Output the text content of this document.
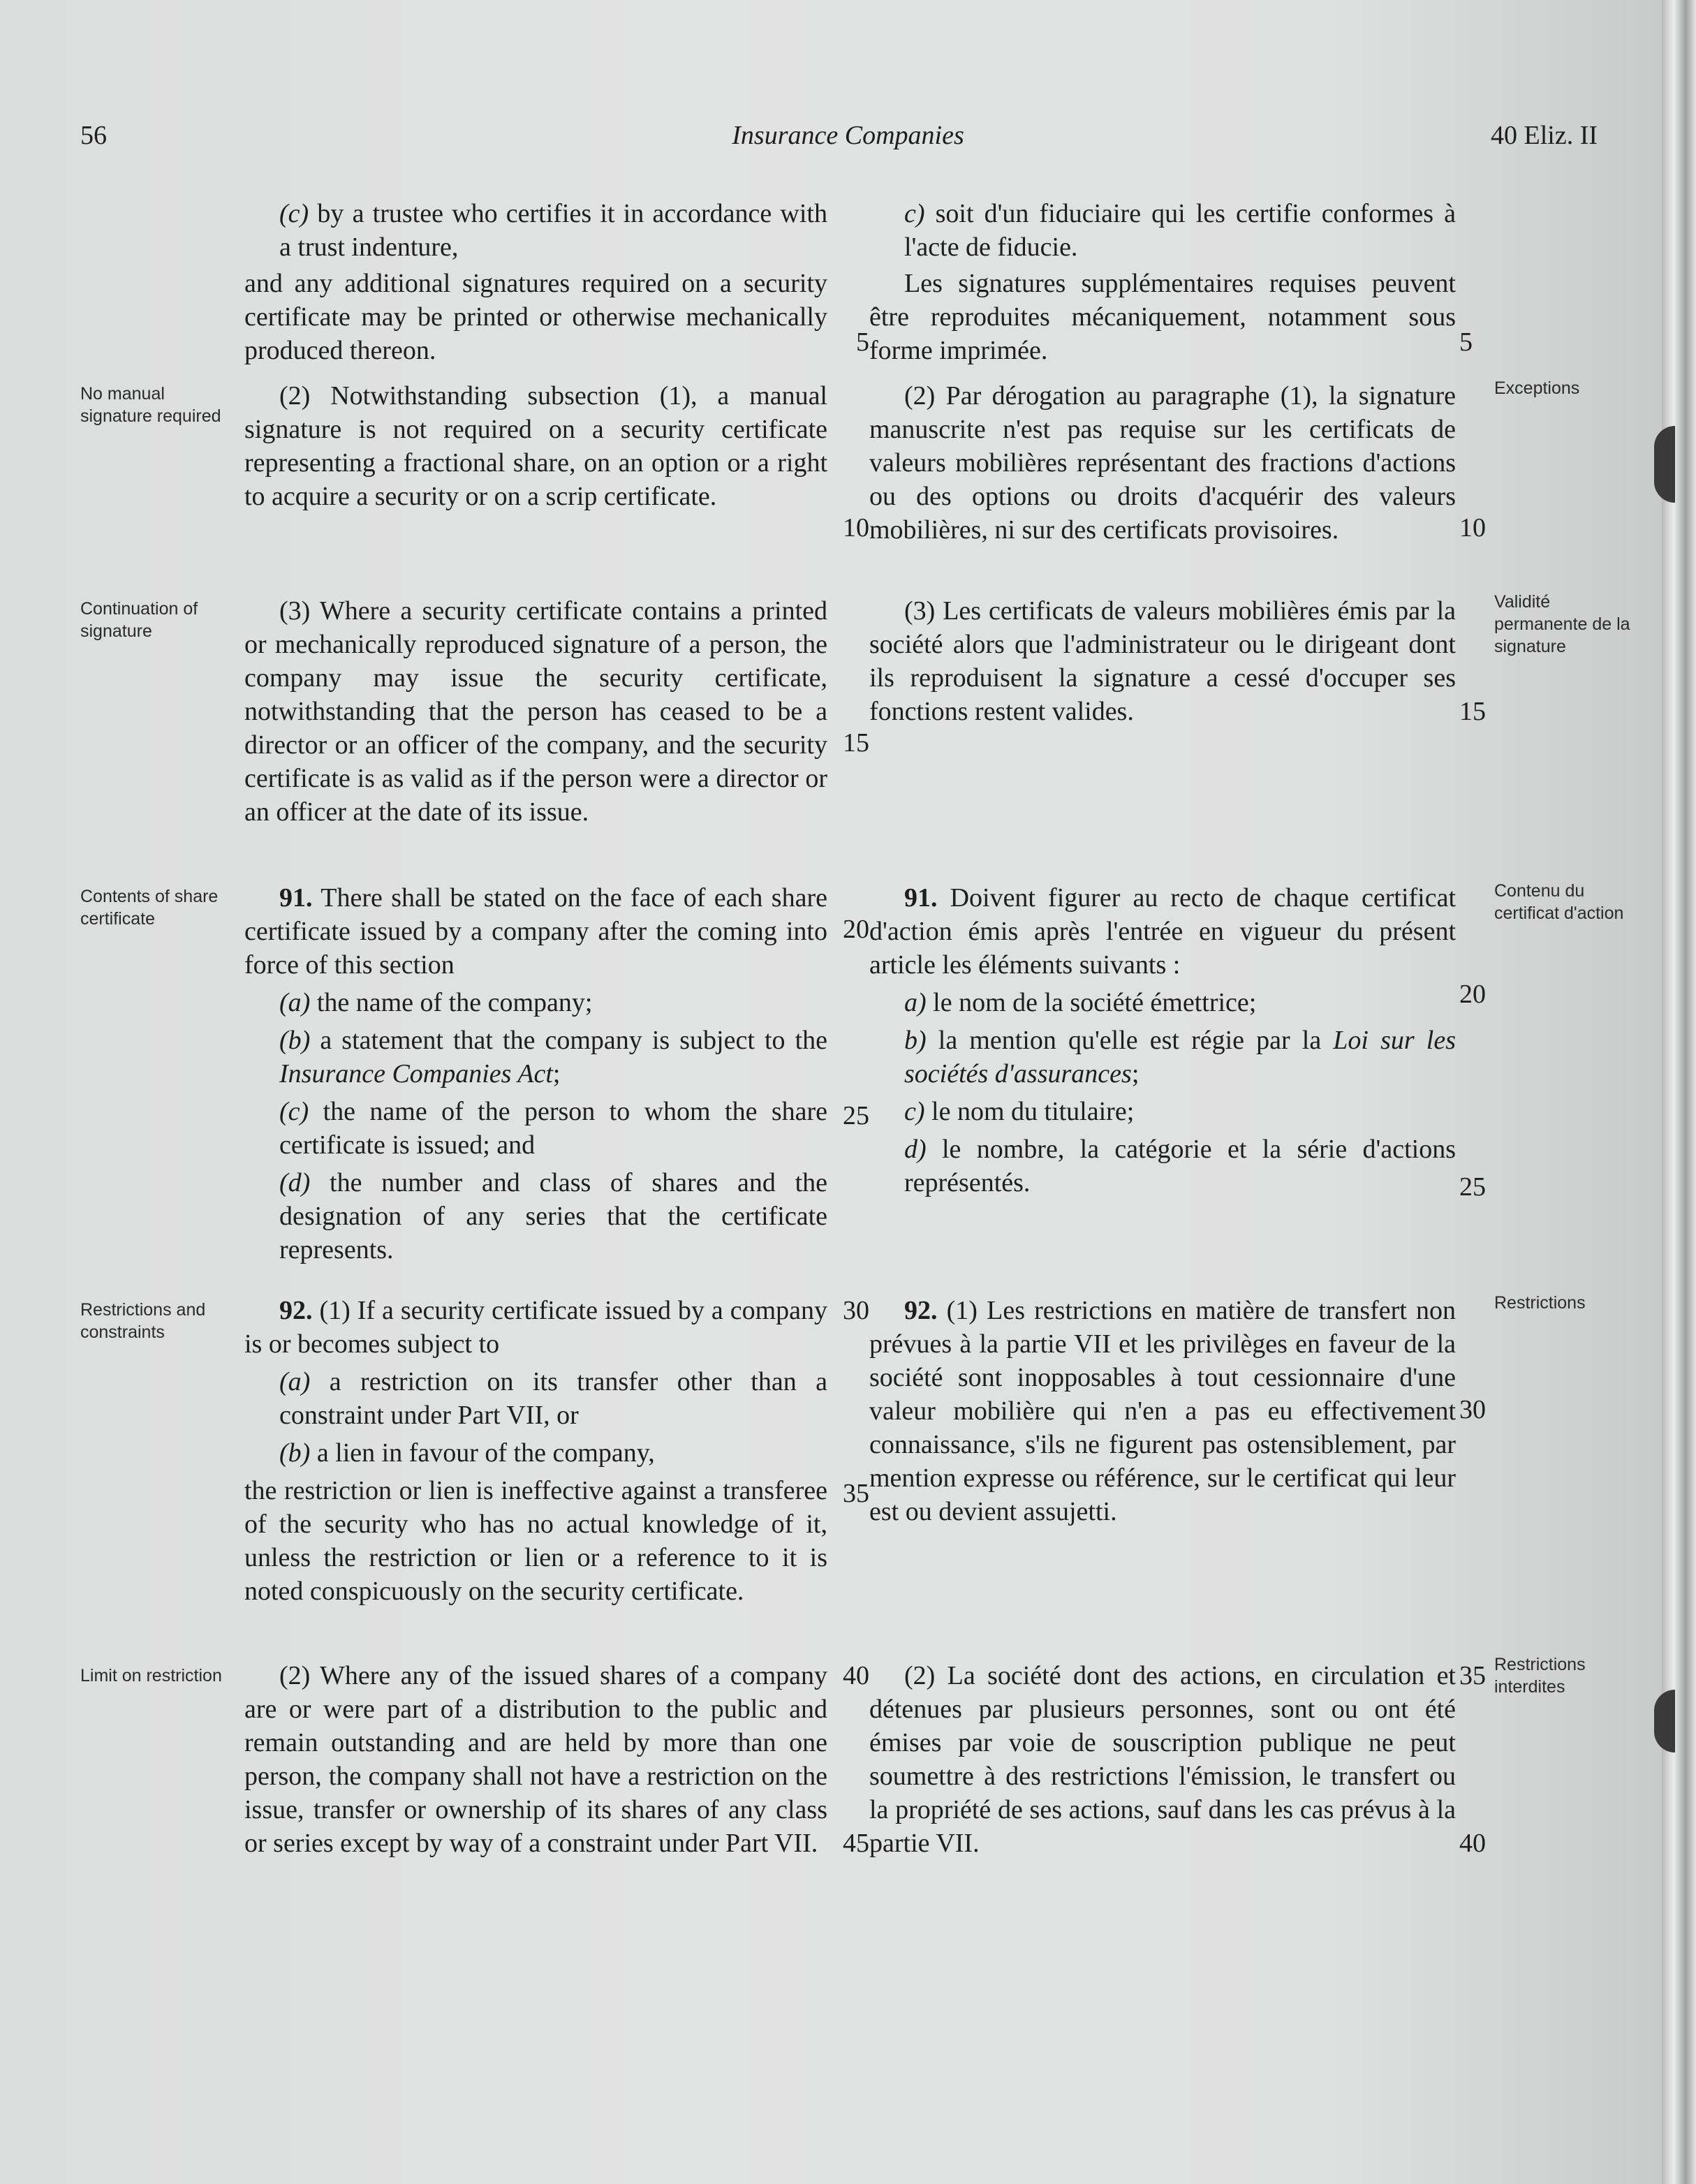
56	Insurance Companies	40 Eliz. II
No manual signature required
Continuation of signature
Contents of share certificate
Restrictions and constraints
Limit on restriction
Exceptions
Validité permanente de la signature
Contenu du certificat d'action
Restrictions
Restrictions interdites

(c) by a trustee who certifies it in accordance with a trust indenture,

and any additional signatures required on a security certificate may be printed or otherwise mechanically produced thereon.

(2) Notwithstanding subsection (1), a manual signature is not required on a security certificate representing a fractional share, on an option or a right to acquire a security or on a scrip certificate.

(3) Where a security certificate contains a printed or mechanically reproduced signature of a person, the company may issue the security certificate, notwithstanding that the person has ceased to be a director or an officer of the company, and the security certificate is as valid as if the person were a director or an officer at the date of its issue.

91. There shall be stated on the face of each share certificate issued by a company after the coming into force of this section

(a) the name of the company;

(b) a statement that the company is subject to the Insurance Companies Act;

(c) the name of the person to whom the share certificate is issued; and

(d) the number and class of shares and the designation of any series that the certificate represents.

92. (1) If a security certificate issued by a company is or becomes subject to

(a) a restriction on its transfer other than a constraint under Part VII, or

(b) a lien in favour of the company,

the restriction or lien is ineffective against a transferee of the security who has no actual knowledge of it, unless the restriction or lien or a reference to it is noted conspicuously on the security certificate.

(2) Where any of the issued shares of a company are or were part of a distribution to the public and remain outstanding and are held by more than one person, the company shall not have a restriction on the issue, transfer or ownership of its shares of any class or series except by way of a constraint under Part VII.

c) soit d'un fiduciaire qui les certifie conformes à l'acte de fiducie.

Les signatures supplémentaires requises peuvent être reproduites mécaniquement, notamment sous forme imprimée.

(2) Par dérogation au paragraphe (1), la signature manuscrite n'est pas requise sur les certificats de valeurs mobilières représentant des fractions d'actions ou des options ou droits d'acquérir des valeurs mobilières, ni sur des certificats provisoires.

(3) Les certificats de valeurs mobilières émis par la société alors que l'administrateur ou le dirigeant dont ils reproduisent la signature a cessé d'occuper ses fonctions restent valides.

91. Doivent figurer au recto de chaque certificat d'action émis après l'entrée en vigueur du présent article les éléments suivants :

a) le nom de la société émettrice;

b) la mention qu'elle est régie par la Loi sur les sociétés d'assurances;

c) le nom du titulaire;

d) le nombre, la catégorie et la série d'actions représentés.

92. (1) Les restrictions en matière de transfert non prévues à la partie VII et les privilèges en faveur de la société sont inopposables à tout cessionnaire d'une valeur mobilière qui n'en a pas eu effectivement connaissance, s'ils ne figurent pas ostensiblement, par mention expresse ou référence, sur le certificat qui leur est ou devient assujetti.

(2) La société dont des actions, en circulation et détenues par plusieurs personnes, sont ou ont été émises par voie de souscription publique ne peut soumettre à des restrictions l'émission, le transfert ou la propriété de ses actions, sauf dans les cas prévus à la partie VII.

5
10
15
20
25
30
35
40
45
5
10
15
20
25
30
35
40
